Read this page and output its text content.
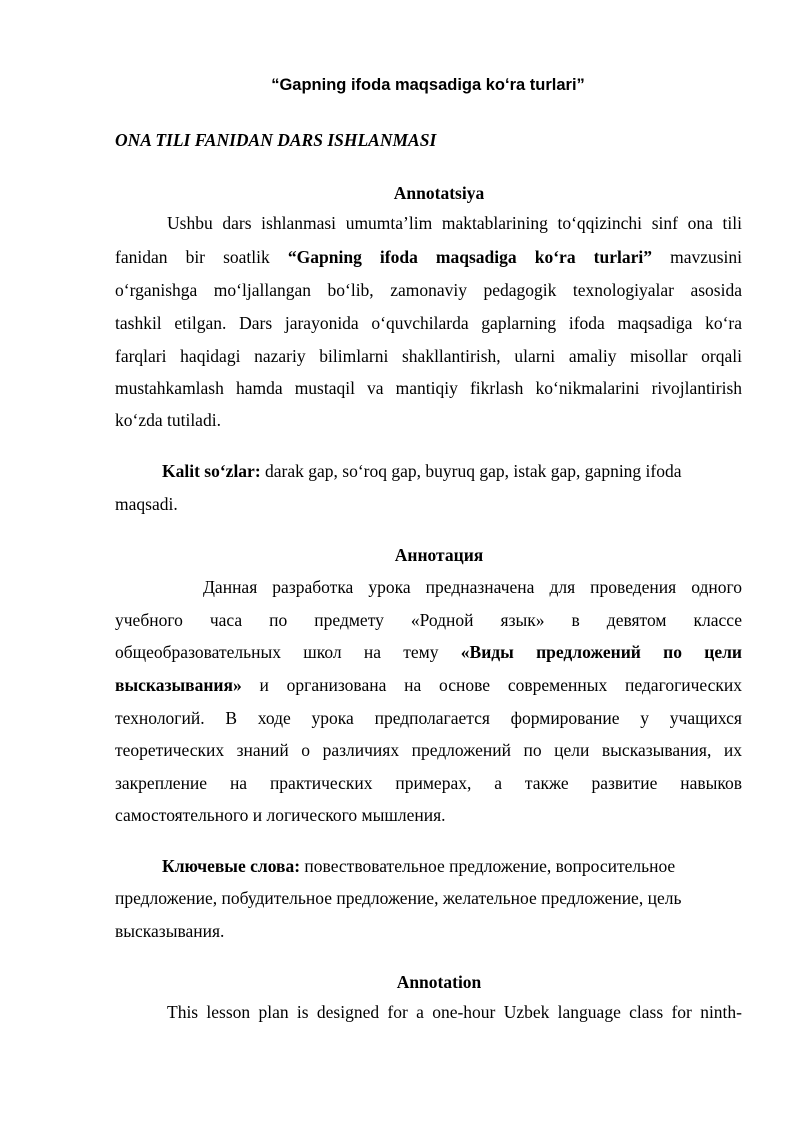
“Gapning ifoda maqsadiga koʻra turlari”
ONA TILI FANIDAN DARS ISHLANMASI
Annotatsiya
Ushbu dars ishlanmasi umumta’lim maktablarining toʻqqizinchi sinf ona tili
fanidan bir soatlik “Gapning ifoda maqsadiga koʻra turlari” mavzusini
oʻrganishga moʻljallangan boʻlib, zamonaviy pedagogik texnologiyalar asosida
tashkil etilgan. Dars jarayonida oʻquvchilarda gaplarning ifoda maqsadiga koʻra
farqlari haqidagi nazariy bilimlarni shakllantirish, ularni amaliy misollar orqali
mustahkamlash hamda mustaqil va mantiqiy fikrlash koʻnikmalarini rivojlantirish
koʻzda tutiladi.
Kalit soʻzlar: darak gap, soʻroq gap, buyruq gap, istak gap, gapning ifoda
maqsadi.
Аннотация
Данная разработка урока предназначена для проведения одного
учебного часа по предмету «Родной язык» в девятом классе
общеобразовательных школ на тему «Виды предложений по цели
высказывания» и организована на основе современных педагогических
технологий. В ходе урока предполагается формирование у учащихся
теоретических знаний о различиях предложений по цели высказывания, их
закрепление на практических примерах, а также развитие навыков
самостоятельного и логического мышления.
Ключевые слова: повествовательное предложение, вопросительное
предложение, побудительное предложение, желательное предложение, цель
высказывания.
Annotation
This lesson plan is designed for a one-hour Uzbek language class for ninth-
